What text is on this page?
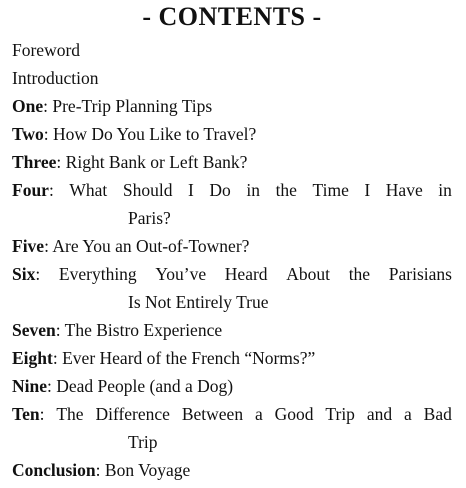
- CONTENTS -
Foreword
Introduction
One: Pre-Trip Planning Tips
Two: How Do You Like to Travel?
Three: Right Bank or Left Bank?
Four: What Should I Do in the Time I Have in
Paris?
Five: Are You an Out-of-Towner?
Six: Everything You’ve Heard About the Parisians
Is Not Entirely True
Seven: The Bistro Experience
Eight: Ever Heard of the French “Norms?”
Nine: Dead People (and a Dog)
Ten: The Difference Between a Good Trip and a Bad
Trip
Conclusion: Bon Voyage
